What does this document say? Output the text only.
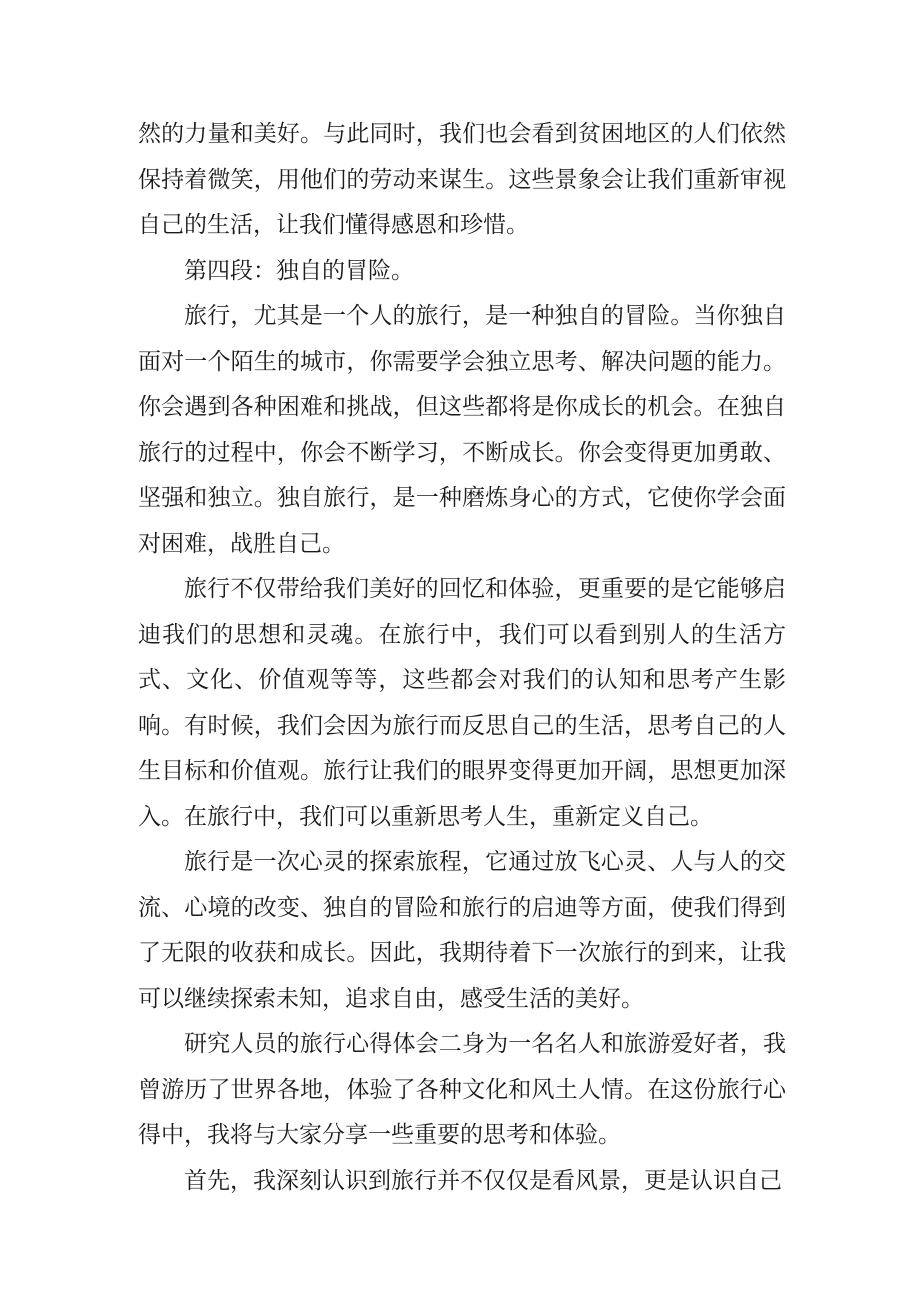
然的力量和美好。与此同时，我们也会看到贫困地区的人们依然保持着微笑，用他们的劳动来谋生。这些景象会让我们重新审视自己的生活，让我们懂得感恩和珍惜。

第四段：独自的冒险。

旅行，尤其是一个人的旅行，是一种独自的冒险。当你独自面对一个陌生的城市，你需要学会独立思考、解决问题的能力。你会遇到各种困难和挑战，但这些都将是你成长的机会。在独自旅行的过程中，你会不断学习，不断成长。你会变得更加勇敢、坚强和独立。独自旅行，是一种磨炼身心的方式，它使你学会面对困难，战胜自己。

旅行不仅带给我们美好的回忆和体验，更重要的是它能够启迪我们的思想和灵魂。在旅行中，我们可以看到别人的生活方式、文化、价值观等等，这些都会对我们的认知和思考产生影响。有时候，我们会因为旅行而反思自己的生活，思考自己的人生目标和价值观。旅行让我们的眼界变得更加开阔，思想更加深入。在旅行中，我们可以重新思考人生，重新定义自己。

旅行是一次心灵的探索旅程，它通过放飞心灵、人与人的交流、心境的改变、独自的冒险和旅行的启迪等方面，使我们得到了无限的收获和成长。因此，我期待着下一次旅行的到来，让我可以继续探索未知，追求自由，感受生活的美好。

研究人员的旅行心得体会二身为一名名人和旅游爱好者，我曾游历了世界各地，体验了各种文化和风土人情。在这份旅行心得中，我将与大家分享一些重要的思考和体验。

首先，我深刻认识到旅行并不仅仅是看风景，更是认识自己
